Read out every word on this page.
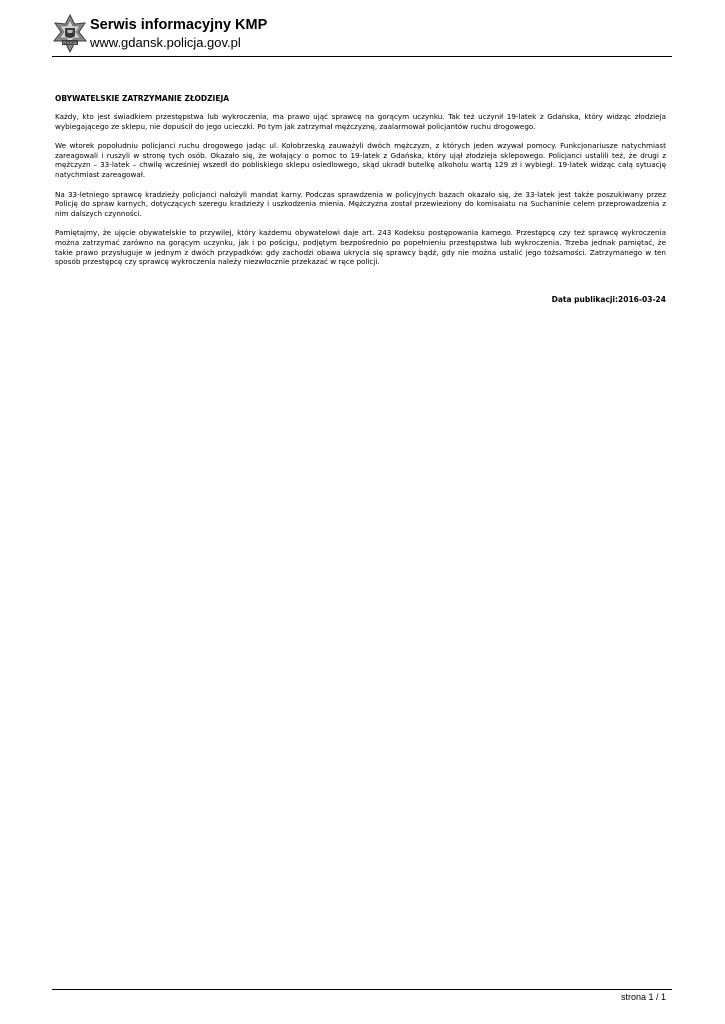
POLICJA
Serwis informacyjny KMP
www.gdansk.policja.gov.pl
OBYWATELSKIE ZATRZYMANIE ZŁODZIEJA

Każdy, kto jest świadkiem przestępstwa lub wykroczenia, ma prawo ująć sprawcę na gorącym uczynku. Tak też uczynił 19-latek z Gdańska, który widząc złodzieja wybiegającego ze sklepu, nie dopuścił do jego ucieczki. Po tym jak zatrzymał mężczyznę, zaalarmował policjantów ruchu drogowego.

We wtorek popołudniu policjanci ruchu drogowego jadąc ul. Kołobrzeską zauważyli dwóch mężczyzn, z których jeden wzywał pomocy. Funkcjonariusze natychmiast zareagowali i ruszyli w stronę tych osób. Okazało się, że wołający o pomoc to 19-latek z Gdańska, który ujął złodzieja sklepowego. Policjanci ustalili też, że drugi z mężczyzn – 33-latek – chwilę wcześniej wszedł do pobliskiego sklepu osiedlowego, skąd ukradł butelkę alkoholu wartą 129 zł i wybiegł. 19-latek widząc całą sytuację natychmiast zareagował.

Na 33-letniego sprawcę kradzieży policjanci nałożyli mandat karny. Podczas sprawdzenia w policyjnych bazach okazało się, że 33-latek jest także poszukiwany przez Policję do spraw karnych, dotyczących szeregu kradzieży i uszkodzenia mienia. Mężczyzna został przewieziony do komisaiatu na Suchaninie celem przeprowadzenia z nim dalszych czynności.

Pamiętajmy, że ujęcie obywatelskie to przywilej, który każdemu obywatelowi daje art. 243 Kodeksu postępowania karnego. Przestępcę czy też sprawcę wykroczenia można zatrzymać zarówno na gorącym uczynku, jak i po pościgu, podjętym bezpośrednio po popełnieniu przestępstwa lub wykroczenia. Trzeba jednak pamiętać, że takie prawo przysługuje w jednym z dwóch przypadków: gdy zachodzi obawa ukrycia się sprawcy bądź, gdy nie można ustalić jego tożsamości. Zatrzymanego w ten sposób przestępcę czy sprawcę wykroczenia należy niezwłocznie przekazać w ręce policji.

Data publikacji:2016-03-24
strona 1 / 1
